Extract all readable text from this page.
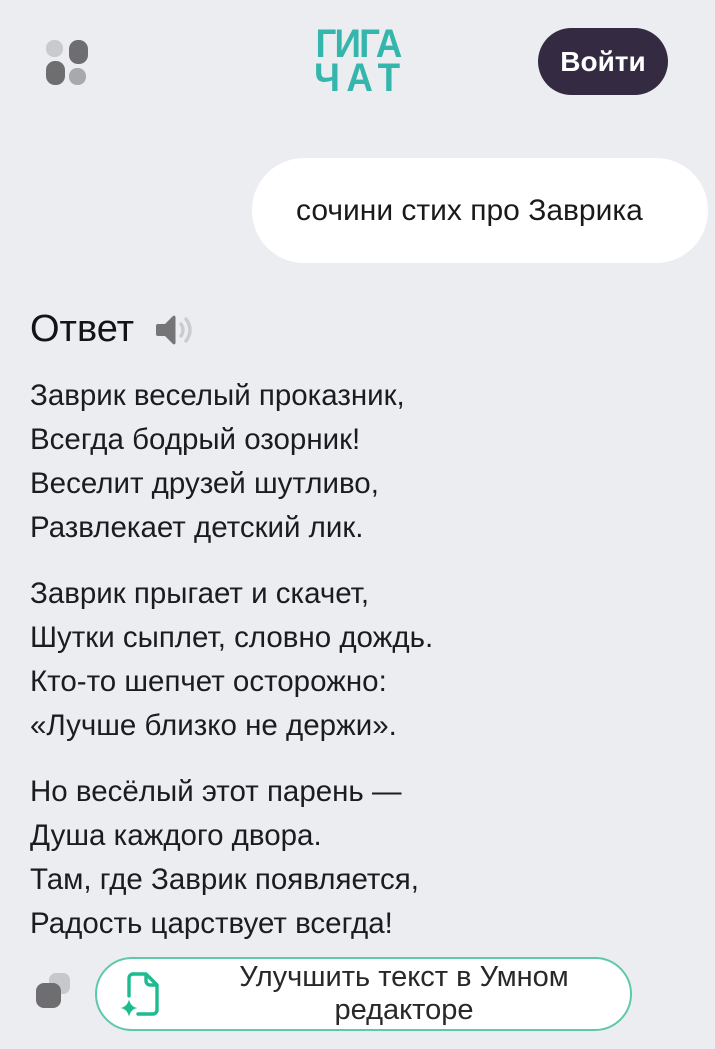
ГИГА
ЧАТ	Войти
сочини стих про Заврика
Ответ
Заврик веселый проказник,
Всегда бодрый озорник!
Веселит друзей шутливо,
Развлекает детский лик.
Заврик прыгает и скачет,
Шутки сыплет, словно дождь.
Кто-то шепчет осторожно:
«Лучше близко не держи».
Но весёлый этот парень —
Душа каждого двора.
Там, где Заврик появляется,
Радость царствует всегда!
Улучшить текст в Умном редакторе
